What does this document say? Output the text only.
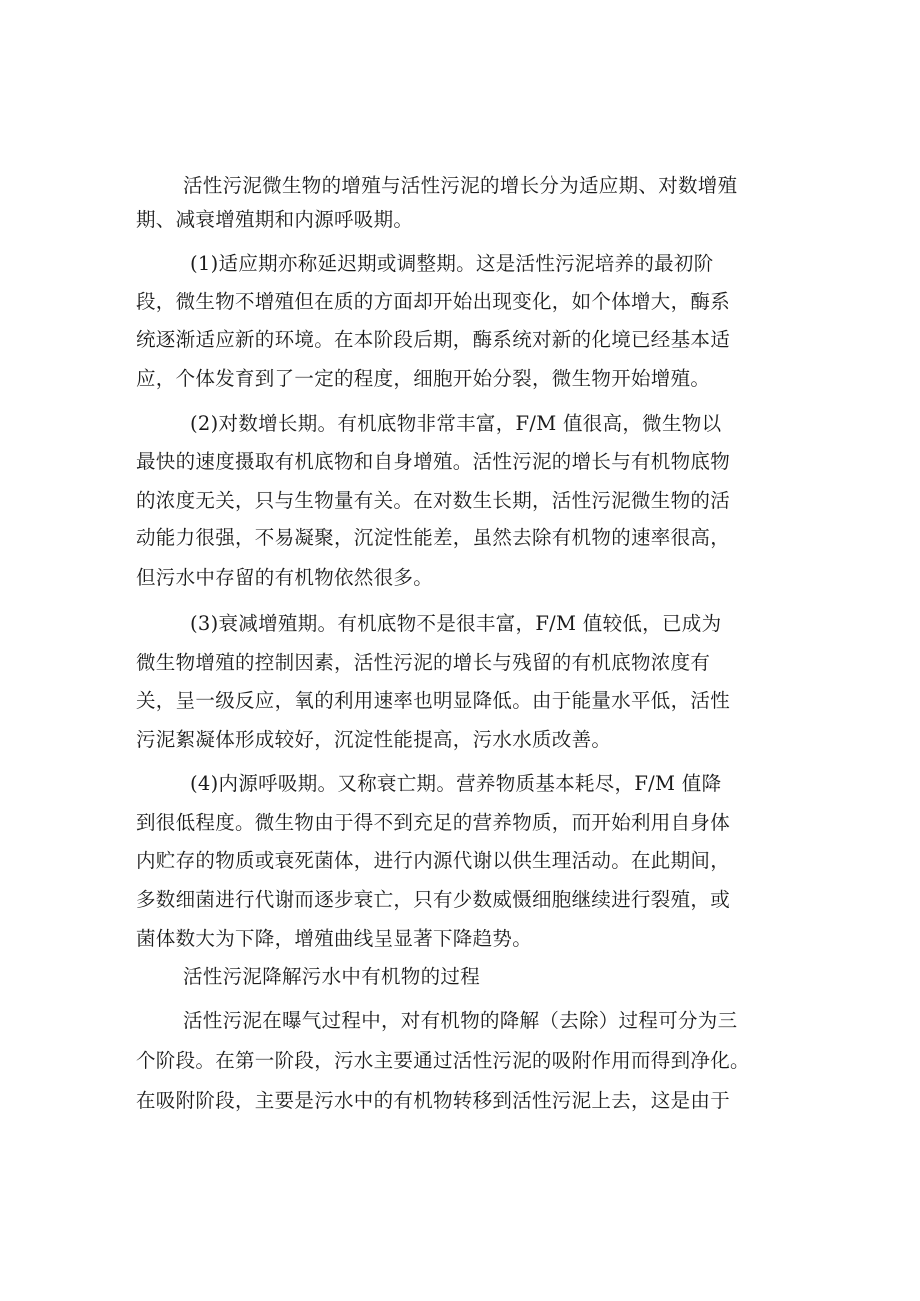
活性污泥微生物的增殖与活性污泥的增长分为适应期、对数增殖
期、减衰增殖期和内源呼吸期。
(1)适应期亦称延迟期或调整期。这是活性污泥培养的最初阶
段，微生物不增殖但在质的方面却开始出现变化，如个体增大，酶系
统逐渐适应新的环境。在本阶段后期，酶系统对新的化境已经基本适
应，个体发育到了一定的程度，细胞开始分裂，微生物开始增殖。
(2)对数增长期。有机底物非常丰富，F/M 值很高，微生物以
最快的速度摄取有机底物和自身增殖。活性污泥的增长与有机物底物
的浓度无关，只与生物量有关。在对数生长期，活性污泥微生物的活
动能力很强，不易凝聚，沉淀性能差，虽然去除有机物的速率很高，
但污水中存留的有机物依然很多。
(3)衰减增殖期。有机底物不是很丰富，F/M 值较低，已成为
微生物增殖的控制因素，活性污泥的增长与残留的有机底物浓度有
关，呈一级反应，氧的利用速率也明显降低。由于能量水平低，活性
污泥絮凝体形成较好，沉淀性能提高，污水水质改善。
(4)内源呼吸期。又称衰亡期。营养物质基本耗尽，F/M 值降
到很低程度。微生物由于得不到充足的营养物质，而开始利用自身体
内贮存的物质或衰死菌体，进行内源代谢以供生理活动。在此期间，
多数细菌进行代谢而逐步衰亡，只有少数威慑细胞继续进行裂殖，或
菌体数大为下降，增殖曲线呈显著下降趋势。
活性污泥降解污水中有机物的过程
活性污泥在曝气过程中，对有机物的降解（去除）过程可分为三
个阶段。在第一阶段，污水主要通过活性污泥的吸附作用而得到净化。
在吸附阶段，主要是污水中的有机物转移到活性污泥上去，这是由于
